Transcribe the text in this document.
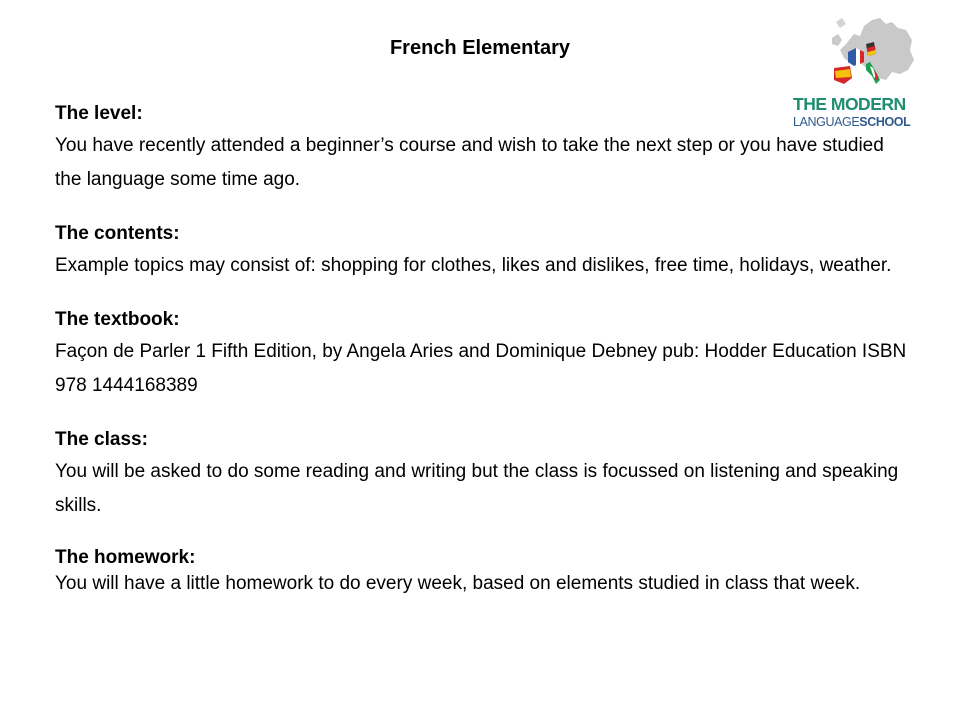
French Elementary
THE MODERN
LANGUAGESCHOOL

The level:

You have recently attended a beginner’s course and wish to take the next step or you have studied the language some time ago.

The contents:

Example topics may consist of: shopping for clothes, likes and dislikes, free time, holidays, weather.

The textbook:

Façon de Parler 1 Fifth Edition, by Angela Aries and Dominique Debney pub: Hodder Education ISBN 978 1444168389

The class:

You will be asked to do some reading and writing but the class is focussed on listening and speaking skills.

The homework:

You will have a little homework to do every week, based on elements studied in class that week.
